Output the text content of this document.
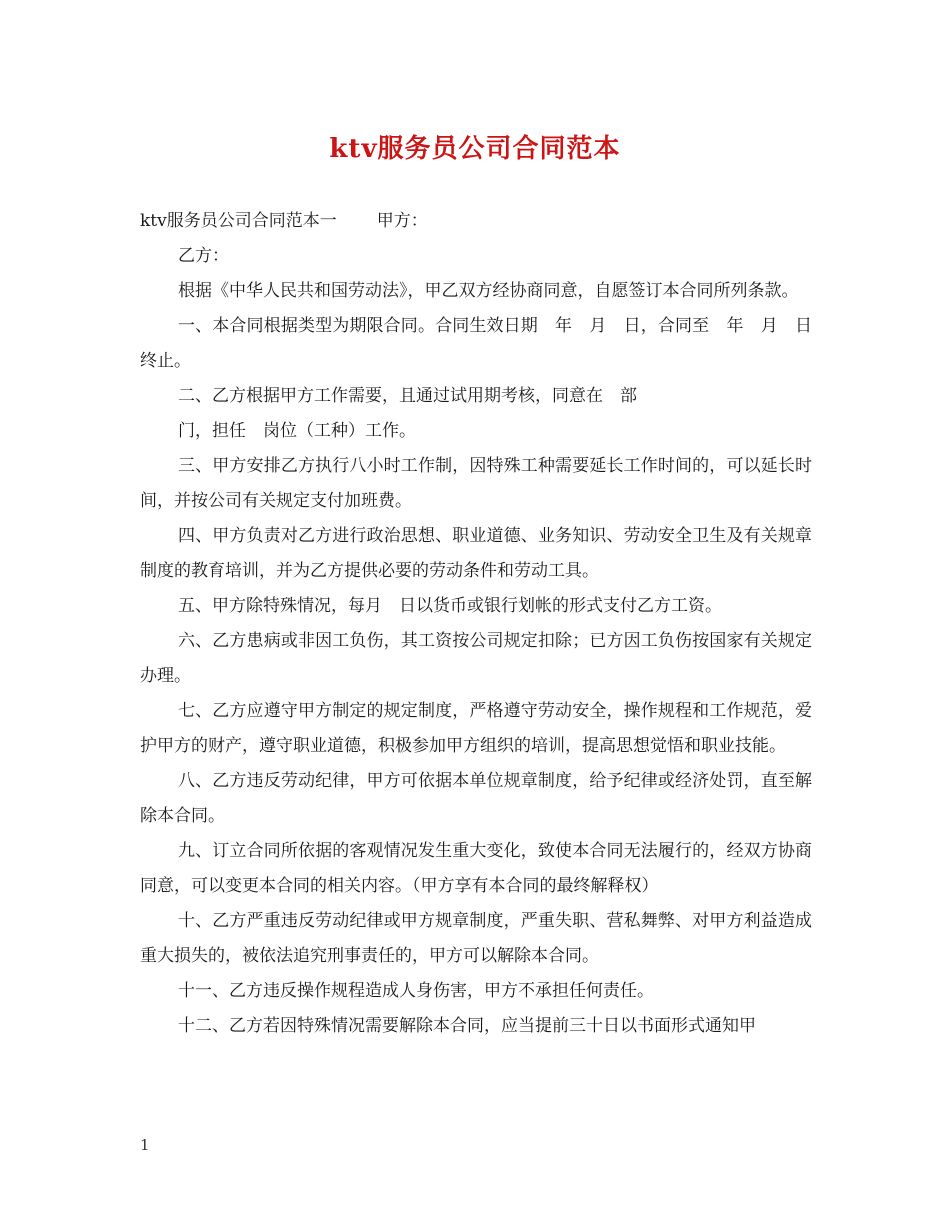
ktv服务员公司合同范本

ktv服务员公司合同范本一 甲方：

乙方：

根据《中华人民共和国劳动法》，甲乙双方经协商同意，自愿签订本合同所列条款。

一、本合同根据类型为期限合同。合同生效日期　年　月　日，合同至　年　月　日终止。

二、乙方根据甲方工作需要，且通过试用期考核，同意在　部

门，担任　岗位（工种）工作。

三、甲方安排乙方执行八小时工作制，因特殊工种需要延长工作时间的，可以延长时间，并按公司有关规定支付加班费。

四、甲方负责对乙方进行政治思想、职业道德、业务知识、劳动安全卫生及有关规章制度的教育培训，并为乙方提供必要的劳动条件和劳动工具。

五、甲方除特殊情况，每月　日以货币或银行划帐的形式支付乙方工资。

六、乙方患病或非因工负伤，其工资按公司规定扣除；已方因工负伤按国家有关规定办理。

七、乙方应遵守甲方制定的规定制度，严格遵守劳动安全，操作规程和工作规范，爱护甲方的财产，遵守职业道德，积极参加甲方组织的培训，提高思想觉悟和职业技能。

八、乙方违反劳动纪律，甲方可依据本单位规章制度，给予纪律或经济处罚，直至解除本合同。

九、订立合同所依据的客观情况发生重大变化，致使本合同无法履行的，经双方协商同意，可以变更本合同的相关内容。（甲方享有本合同的最终解释权）

十、乙方严重违反劳动纪律或甲方规章制度，严重失职、营私舞弊、对甲方利益造成重大损失的，被依法追究刑事责任的，甲方可以解除本合同。

十一、乙方违反操作规程造成人身伤害，甲方不承担任何责任。

十二、乙方若因特殊情况需要解除本合同，应当提前三十日以书面形式通知甲

1
